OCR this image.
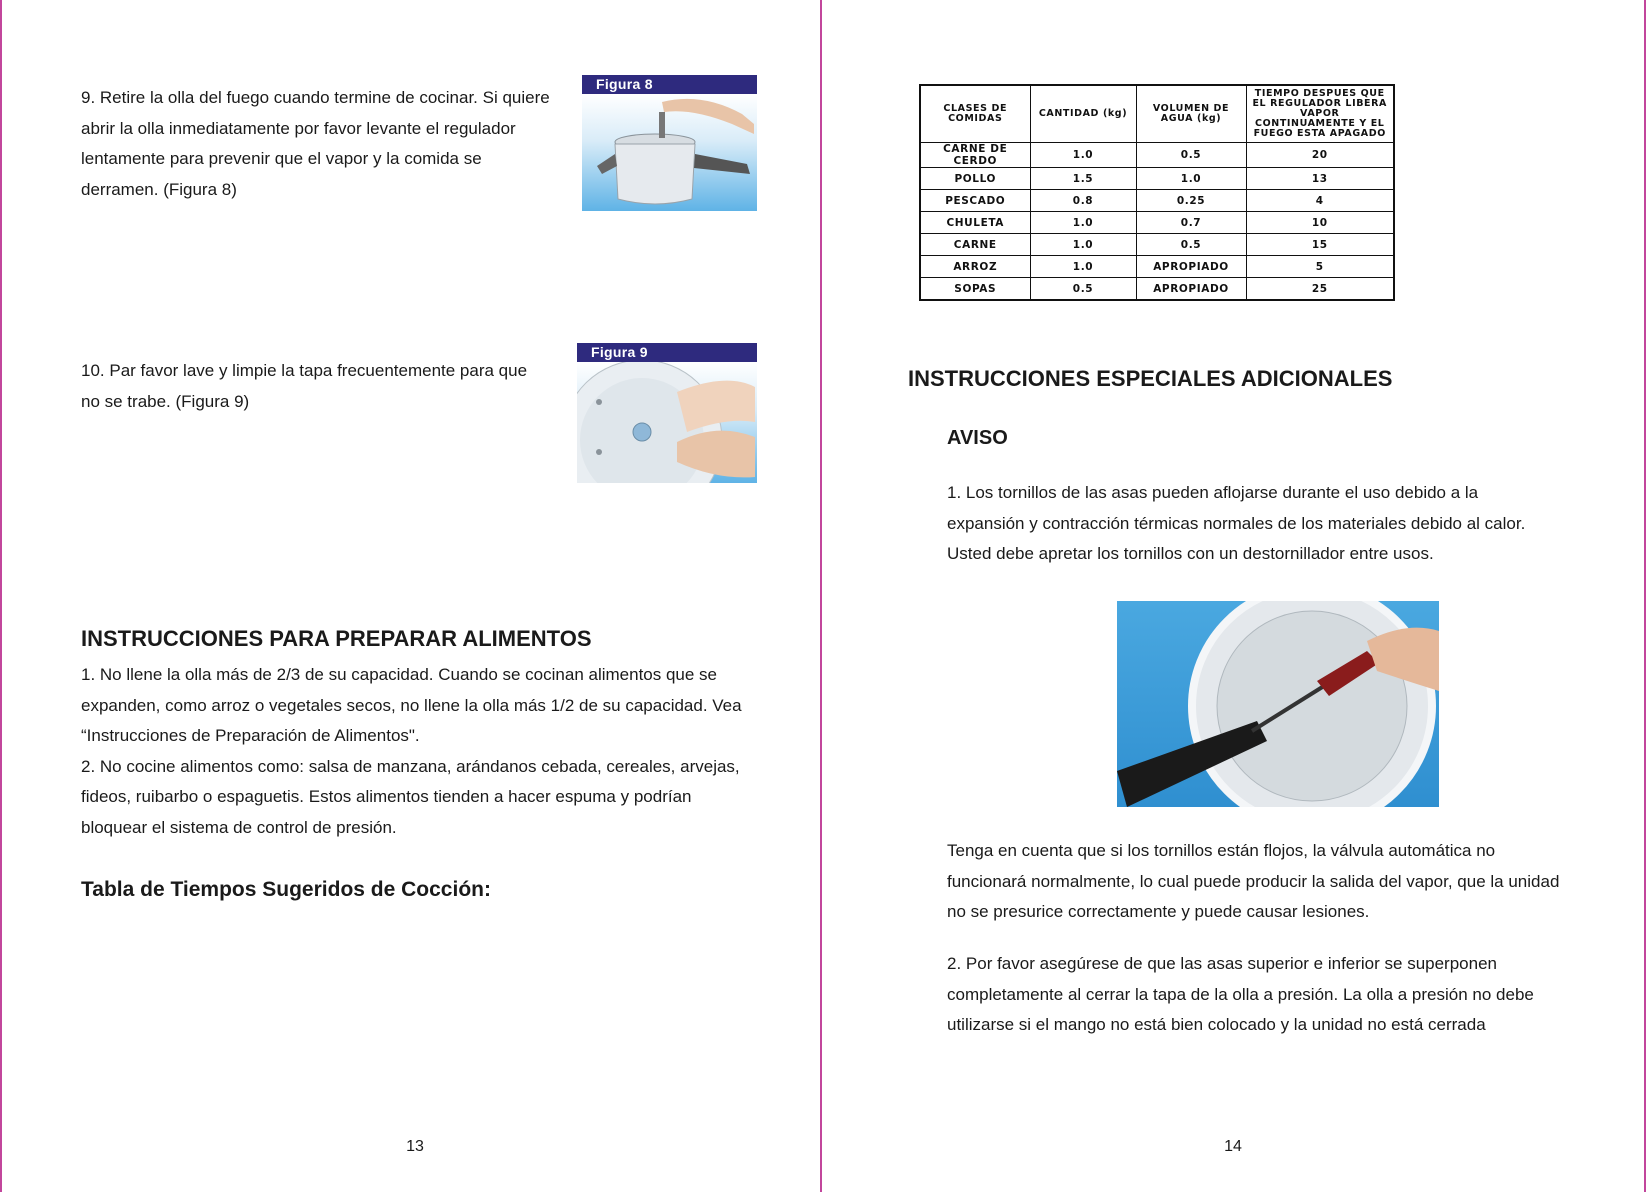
9. Retire la olla del fuego cuando termine de cocinar. Si quiere
abrir la olla inmediatamente por favor levante el regulador
lentamente para prevenir que el vapor y la comida se
derramen. (Figura 8)
Figura 8
10. Par favor lave y limpie la tapa frecuentemente para que
no se trabe. (Figura 9)
Figura 9
INSTRUCCIONES PARA PREPARAR ALIMENTOS
1. No llene la olla más de 2/3 de su capacidad. Cuando se cocinan alimentos que se
expanden, como arroz o vegetales secos, no llene la olla más 1/2 de su capacidad. Vea
“Instrucciones de Preparación de Alimentos".
2. No cocine alimentos como: salsa de manzana, arándanos cebada, cereales, arvejas,
fideos, ruibarbo o espaguetis. Estos alimentos tienden a hacer espuma y podrían
bloquear el sistema de control de presión.
Tabla de Tiempos Sugeridos de Cocción:
13
CLASES DE COMIDAS	CANTIDAD (kg)	VOLUMEN DE AGUA (kg)	TIEMPO DESPUES QUE EL REGULADOR LIBERA VAPOR CONTINUAMENTE Y EL FUEGO ESTA APAGADO
CARNE DE CERDO	1.0	0.5	20
POLLO	1.5	1.0	13
PESCADO	0.8	0.25	4
CHULETA	1.0	0.7	10
CARNE	1.0	0.5	15
ARROZ	1.0	APROPIADO	5
SOPAS	0.5	APROPIADO	25
INSTRUCCIONES ESPECIALES ADICIONALES
AVISO
1. Los tornillos de las asas pueden aflojarse durante el uso debido a la
expansión y contracción térmicas normales de los materiales debido al calor.
Usted debe apretar los tornillos con un destornillador entre usos.
Tenga en cuenta que si los tornillos están flojos, la válvula automática no
funcionará normalmente, lo cual puede producir la salida del vapor, que la unidad
no se presurice correctamente y puede causar lesiones.
2. Por favor asegúrese de que las asas superior e inferior se superponen
completamente al cerrar la tapa de la olla a presión. La olla a presión no debe
utilizarse si el mango no está bien colocado y la unidad no está cerrada
14
